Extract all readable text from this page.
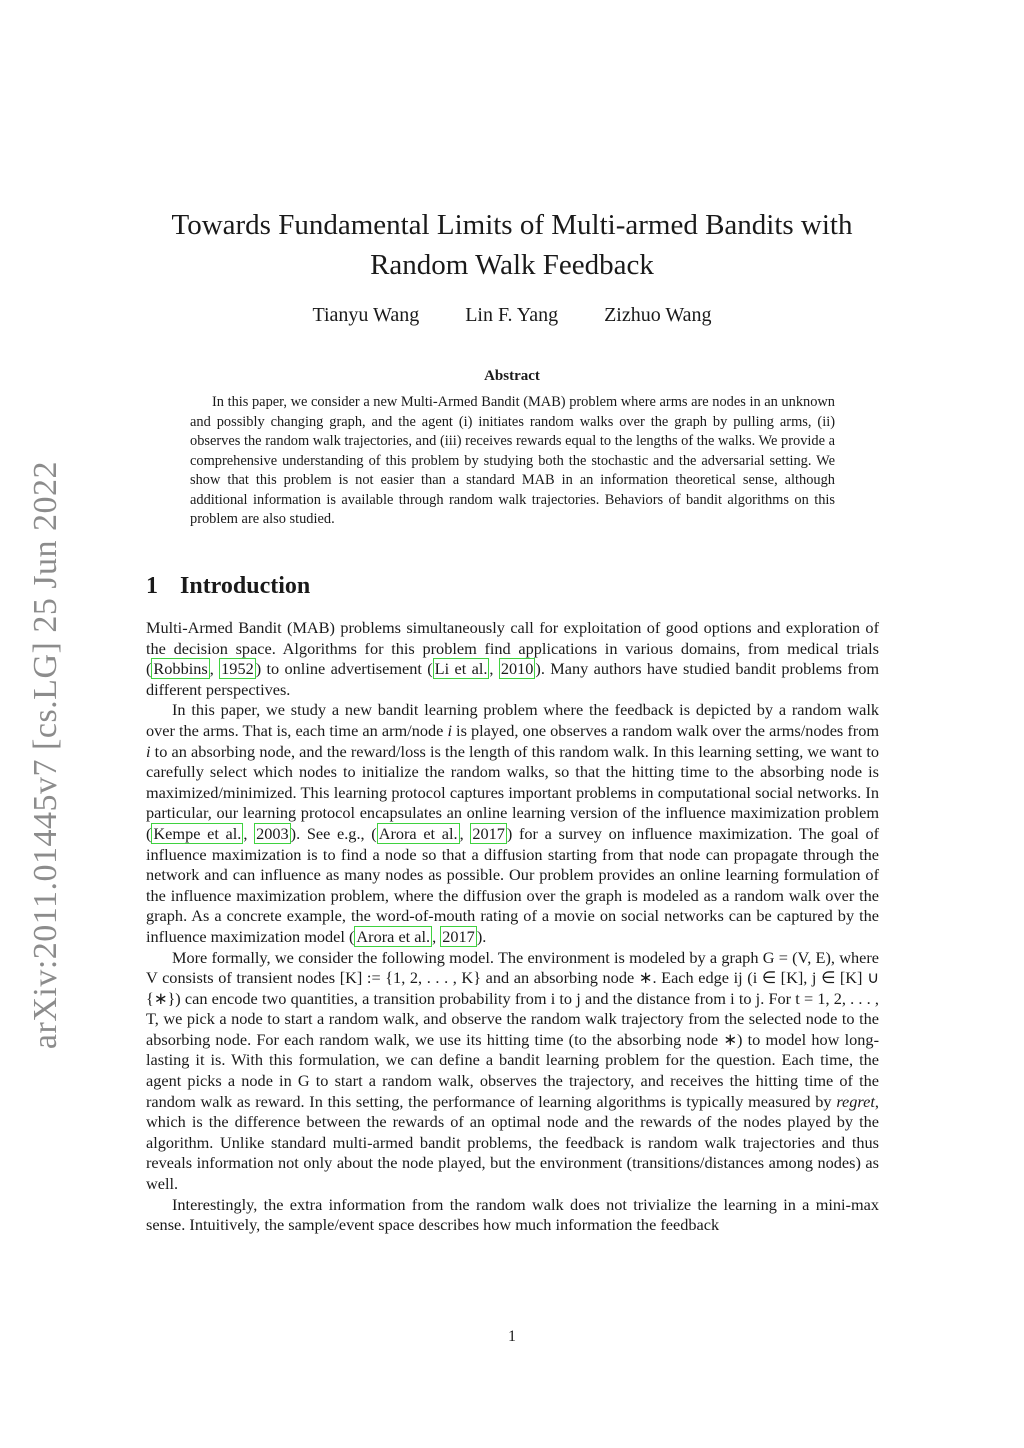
arXiv:2011.01445v7 [cs.LG] 25 Jun 2022
Towards Fundamental Limits of Multi-armed Bandits with
Random Walk Feedback
Tianyu Wang Lin F. Yang Zizhuo Wang
Abstract

In this paper, we consider a new Multi-Armed Bandit (MAB) problem where arms are nodes in an unknown and possibly changing graph, and the agent (i) initiates random walks over the graph by pulling arms, (ii) observes the random walk trajectories, and (iii) receives rewards equal to the lengths of the walks. We provide a comprehensive understanding of this problem by studying both the stochastic and the adversarial setting. We show that this problem is not easier than a standard MAB in an information theoretical sense, although additional information is available through random walk trajectories. Behaviors of bandit algorithms on this problem are also studied.

1 Introduction

Multi-Armed Bandit (MAB) problems simultaneously call for exploitation of good options and exploration of the decision space. Algorithms for this problem find applications in various domains, from medical trials ( Robbins , 1952 ) to online advertisement ( Li et al. , 2010 ). Many authors have studied bandit problems from different perspectives.

In this paper, we study a new bandit learning problem where the feedback is depicted by a random walk over the arms. That is, each time an arm/node i is played, one observes a random walk over the arms/nodes from i to an absorbing node, and the reward/loss is the length of this random walk. In this learning setting, we want to carefully select which nodes to initialize the random walks, so that the hitting time to the absorbing node is maximized/minimized. This learning protocol captures important problems in computational social networks. In particular, our learning protocol encapsulates an online learning version of the influence maximization problem ( Kempe et al. , 2003 ). See e.g., ( Arora et al. , 2017 ) for a survey on influence maximization. The goal of influence maximization is to find a node so that a diffusion starting from that node can propagate through the network and can influence as many nodes as possible. Our problem provides an online learning formulation of the influence maximization problem, where the diffusion over the graph is modeled as a random walk over the graph. As a concrete example, the word-of-mouth rating of a movie on social networks can be captured by the influence maximization model ( Arora et al. , 2017 ).

More formally, we consider the following model. The environment is modeled by a graph G = (V, E), where V consists of transient nodes [K] := {1, 2, . . . , K} and an absorbing node ∗. Each edge ij (i ∈ [K], j ∈ [K] ∪ {∗}) can encode two quantities, a transition probability from i to j and the distance from i to j. For t = 1, 2, . . . , T, we pick a node to start a random walk, and observe the random walk trajectory from the selected node to the absorbing node. For each random walk, we use its hitting time (to the absorbing node ∗) to model how long-lasting it is. With this formulation, we can define a bandit learning problem for the question. Each time, the agent picks a node in G to start a random walk, observes the trajectory, and receives the hitting time of the random walk as reward. In this setting, the performance of learning algorithms is typically measured by regret, which is the difference between the rewards of an optimal node and the rewards of the nodes played by the algorithm. Unlike standard multi-armed bandit problems, the feedback is random walk trajectories and thus reveals information not only about the node played, but the environment (transitions/distances among nodes) as well.

Interestingly, the extra information from the random walk does not trivialize the learning in a mini-max sense. Intuitively, the sample/event space describes how much information the feedback

1
